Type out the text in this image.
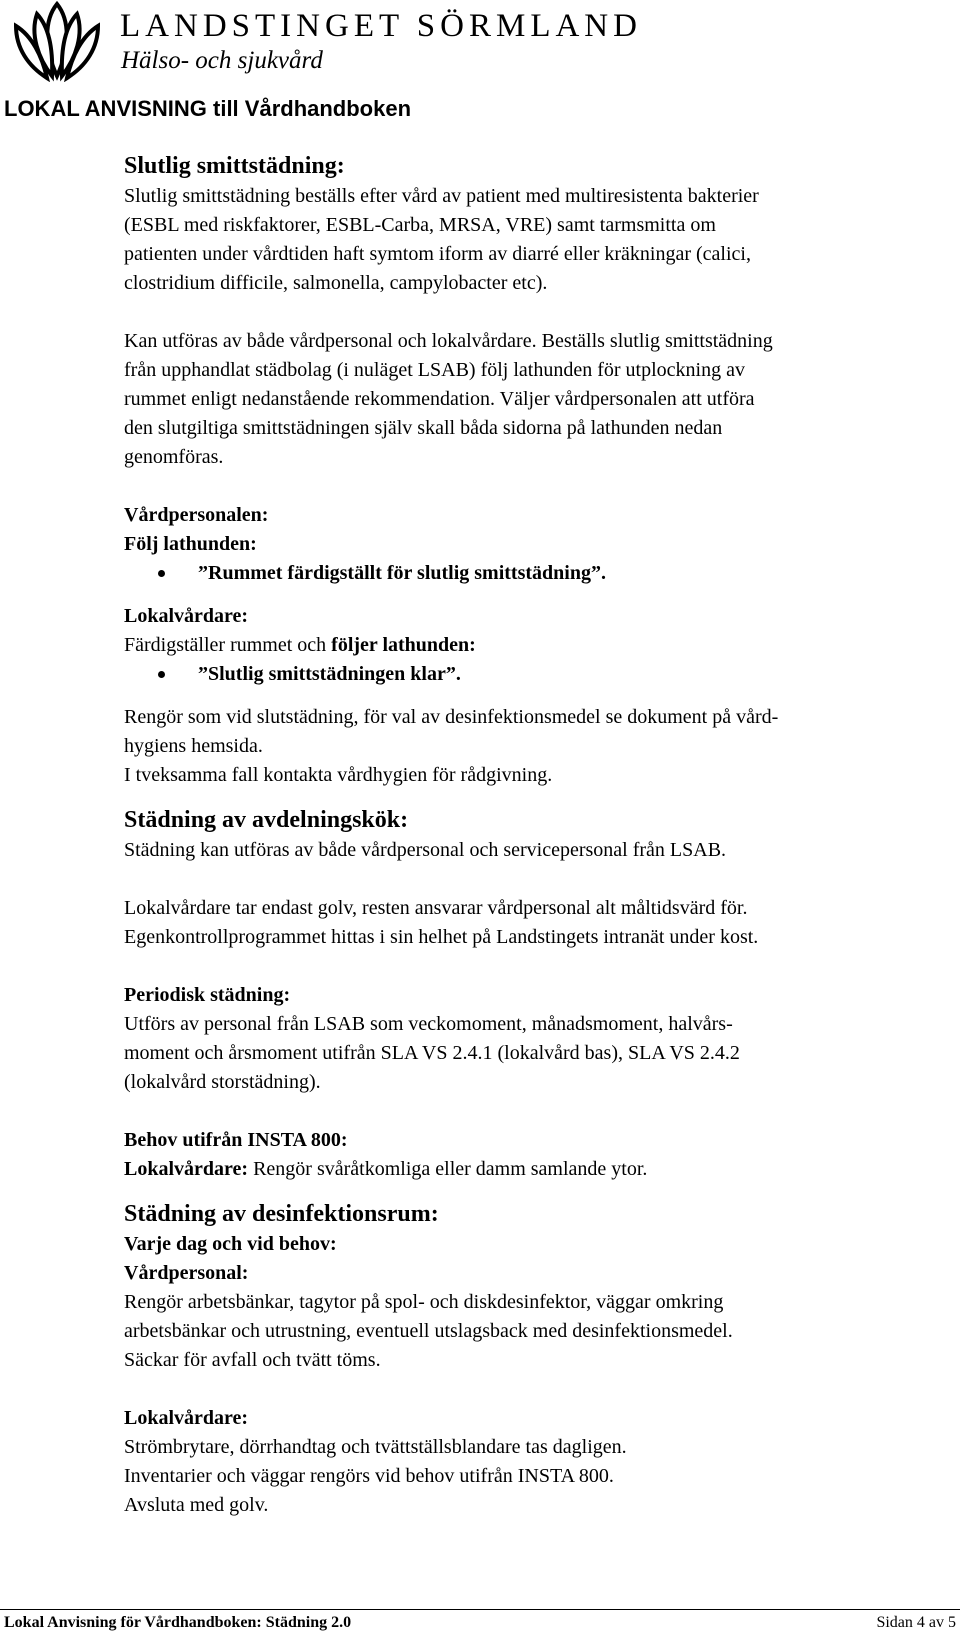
LANDSTINGET SÖRMLAND
Hälso- och sjukvård
LOKAL ANVISNING till Vårdhandboken

Slutlig smittstädning:

Slutlig smittstädning beställs efter vård av patient med multiresistenta bakterier

(ESBL med riskfaktorer, ESBL-Carba, MRSA, VRE) samt tarmsmitta om

patienten under vårdtiden haft symtom iform av diarré eller kräkningar (calici,

clostridium difficile, salmonella, campylobacter etc).

Kan utföras av både vårdpersonal och lokalvårdare. Beställs slutlig smittstädning

från upphandlat städbolag (i nuläget LSAB) följ lathunden för utplockning av

rummet enligt nedanstående rekommendation. Väljer vårdpersonalen att utföra

den slutgiltiga smittstädningen själv skall båda sidorna på lathunden nedan

genomföras.

Vårdpersonalen:

Följ lathunden:

”Rummet färdigställt för slutlig smittstädning”.

Lokalvårdare:

Färdigställer rummet och följer lathunden:

”Slutlig smittstädningen klar”.

Rengör som vid slutstädning, för val av desinfektionsmedel se dokument på vård-

hygiens hemsida.

I tveksamma fall kontakta vårdhygien för rådgivning.

Städning av avdelningskök:

Städning kan utföras av både vårdpersonal och servicepersonal från LSAB.

Lokalvårdare tar endast golv, resten ansvarar vårdpersonal alt måltidsvärd för.

Egenkontrollprogrammet hittas i sin helhet på Landstingets intranät under kost.

Periodisk städning:

Utförs av personal från LSAB som veckomoment, månadsmoment, halvårs-

moment och årsmoment utifrån SLA VS 2.4.1 (lokalvård bas), SLA VS 2.4.2

(lokalvård storstädning).

Behov utifrån INSTA 800:

Lokalvårdare: Rengör svåråtkomliga eller damm samlande ytor.

Städning av desinfektionsrum:

Varje dag och vid behov:

Vårdpersonal:

Rengör arbetsbänkar, tagytor på spol- och diskdesinfektor, väggar omkring

arbetsbänkar och utrustning, eventuell utslagsback med desinfektionsmedel.

Säckar för avfall och tvätt töms.

Lokalvårdare:

Strömbrytare, dörrhandtag och tvättställsblandare tas dagligen.

Inventarier och väggar rengörs vid behov utifrån INSTA 800.

Avsluta med golv.

Lokal Anvisning för Vårdhandboken: Städning 2.0	Sidan 4 av 5
